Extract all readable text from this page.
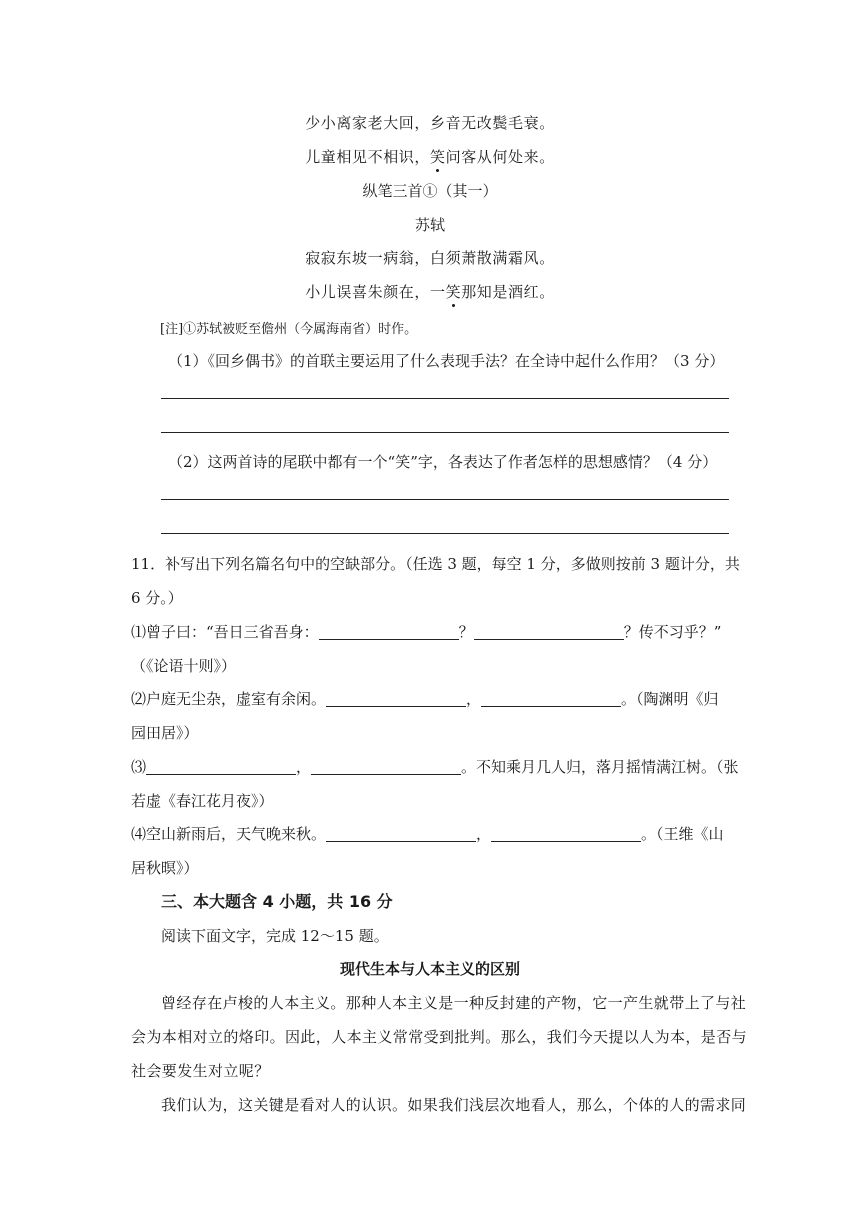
少小离家老大回，乡音无改鬓毛衰。
儿童相见不相识，笑问客从何处来。
纵笔三首①（其一）
苏轼
寂寂东坡一病翁，白须萧散满霜风。
小儿误喜朱颜在，一笑那知是酒红。
[注]①苏轼被贬至儋州（今属海南省）时作。
（1）《回乡偶书》的首联主要运用了什么表现手法？在全诗中起什么作用？（3 分）
（2）这两首诗的尾联中都有一个“笑”字，各表达了作者怎样的思想感情？（4 分）
11．补写出下列名篇名句中的空缺部分。（任选 3 题，每空 1 分，多做则按前 3 题计分，共
6 分。）
⑴曾子曰：“吾日三省吾身：	？	？传不习乎？”
（《论语十则》）
⑵户庭无尘杂，虚室有余闲。	，	。（陶渊明《归
园田居》）
⑶	，	。不知乘月几人归，落月摇情满江树。（张
若虚《春江花月夜》）
⑷空山新雨后，天气晚来秋。	，	。（王维《山
居秋暝》）
三、本大题含 4 小题，共 16 分
阅读下面文字，完成 12～15 题。
现代生本与人本主义的区别
曾经存在卢梭的人本主义。那种人本主义是一种反封建的产物，它一产生就带上了与社
会为本相对立的烙印。因此，人本主义常常受到批判。那么，我们今天提以人为本，是否与
社会要发生对立呢？
我们认为，这关键是看对人的认识。如果我们浅层次地看人，那么，个体的人的需求同
